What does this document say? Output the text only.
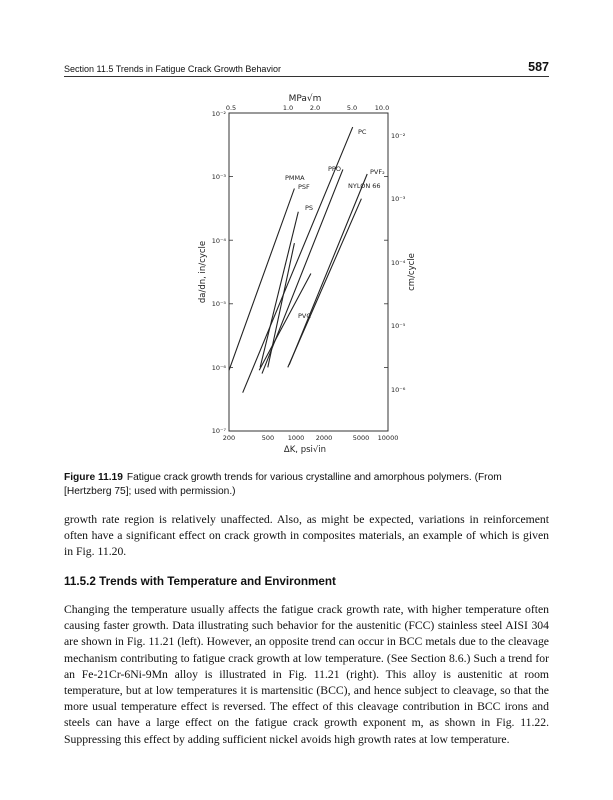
Section 11.5 Trends in Fatigue Crack Growth Behavior	587
MPa√m
ΔK, psi√in
da/dn, in/cycle	cm/cycle
0.5	1.0	2.0	5.0	10.0
200	500 1000 2000	5000 10000
10⁻²
10⁻³
10⁻⁴
10⁻⁵
10⁻⁶
10⁻⁷
10⁻²
10⁻³
10⁻⁴
10⁻⁵
10⁻⁶
PC
PPO	PVF₂
NYLON 66
PMMA
PSF
PS
PVC
Figure 11.19 Fatigue crack growth trends for various crystalline and amorphous polymers. (From [Hertzberg 75]; used with permission.)

growth rate region is relatively unaffected. Also, as might be expected, variations in reinforcement often have a significant effect on crack growth in composites materials, an example of which is given in Fig. 11.20.

11.5.2 Trends with Temperature and Environment

Changing the temperature usually affects the fatigue crack growth rate, with higher temperature often causing faster growth. Data illustrating such behavior for the austenitic (FCC) stainless steel AISI 304 are shown in Fig. 11.21 (left). However, an opposite trend can occur in BCC metals due to the cleavage mechanism contributing to fatigue crack growth at low temperature. (See Section 8.6.) Such a trend for an Fe-21Cr-6Ni-9Mn alloy is illustrated in Fig. 11.21 (right). This alloy is austenitic at room temperature, but at low temperatures it is martensitic (BCC), and hence subject to cleavage, so that the more usual temperature effect is reversed. The effect of this cleavage contribution in BCC irons and steels can have a large effect on the fatigue crack growth exponent m, as shown in Fig. 11.22. Suppressing this effect by adding sufficient nickel avoids high growth rates at low temperature.
